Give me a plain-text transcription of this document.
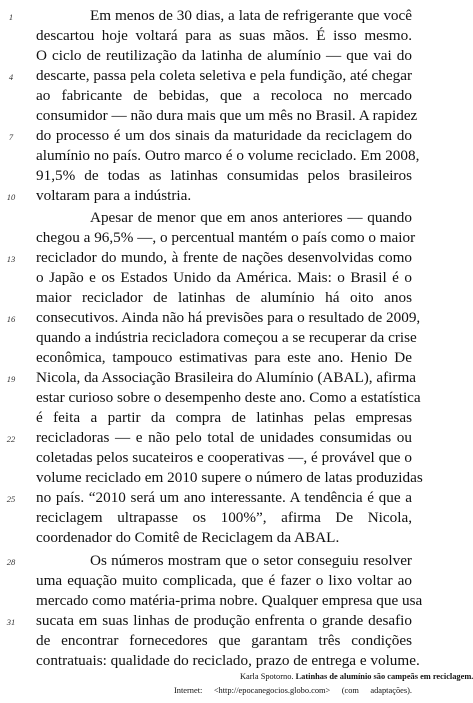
Em menos de 30 dias, a lata de refrigerante que você
descartou hoje voltará para as suas mãos. É isso mesmo.
O ciclo de reutilização da latinha de alumínio — que vai do
descarte, passa pela coleta seletiva e pela fundição, até chegar
ao fabricante de bebidas, que a recoloca no mercado
consumidor — não dura mais que um mês no Brasil. A rapidez
do processo é um dos sinais da maturidade da reciclagem do
alumínio no país. Outro marco é o volume reciclado. Em 2008,
91,5% de todas as latinhas consumidas pelos brasileiros
voltaram para a indústria.
Apesar de menor que em anos anteriores — quando
chegou a 96,5% —, o percentual mantém o país como o maior
reciclador do mundo, à frente de nações desenvolvidas como
o Japão e os Estados Unido da América. Mais: o Brasil é o
maior reciclador de latinhas de alumínio há oito anos
consecutivos. Ainda não há previsões para o resultado de 2009,
quando a indústria recicladora começou a se recuperar da crise
econômica, tampouco estimativas para este ano. Henio De
Nicola, da Associação Brasileira do Alumínio (ABAL), afirma
estar curioso sobre o desempenho deste ano. Como a estatística
é feita a partir da compra de latinhas pelas empresas
recicladoras — e não pelo total de unidades consumidas ou
coletadas pelos sucateiros e cooperativas —, é provável que o
volume reciclado em 2010 supere o número de latas produzidas
no país. “2010 será um ano interessante. A tendência é que a
reciclagem ultrapasse os 100%”, afirma De Nicola,
coordenador do Comitê de Reciclagem da ABAL.
Os números mostram que o setor conseguiu resolver
uma equação muito complicada, que é fazer o lixo voltar ao
mercado como matéria-prima nobre. Qualquer empresa que usa
sucata em suas linhas de produção enfrenta o grande desafio
de encontrar fornecedores que garantam três condições
contratuais: qualidade do reciclado, prazo de entrega e volume.
1
4
7
10
13
16
19
22
25
28
31
Karla Spotorno. Latinhas de alumínio são campeãs em reciclagem.
Internet: <http://epocanegocios.globo.com> (com adaptações).
